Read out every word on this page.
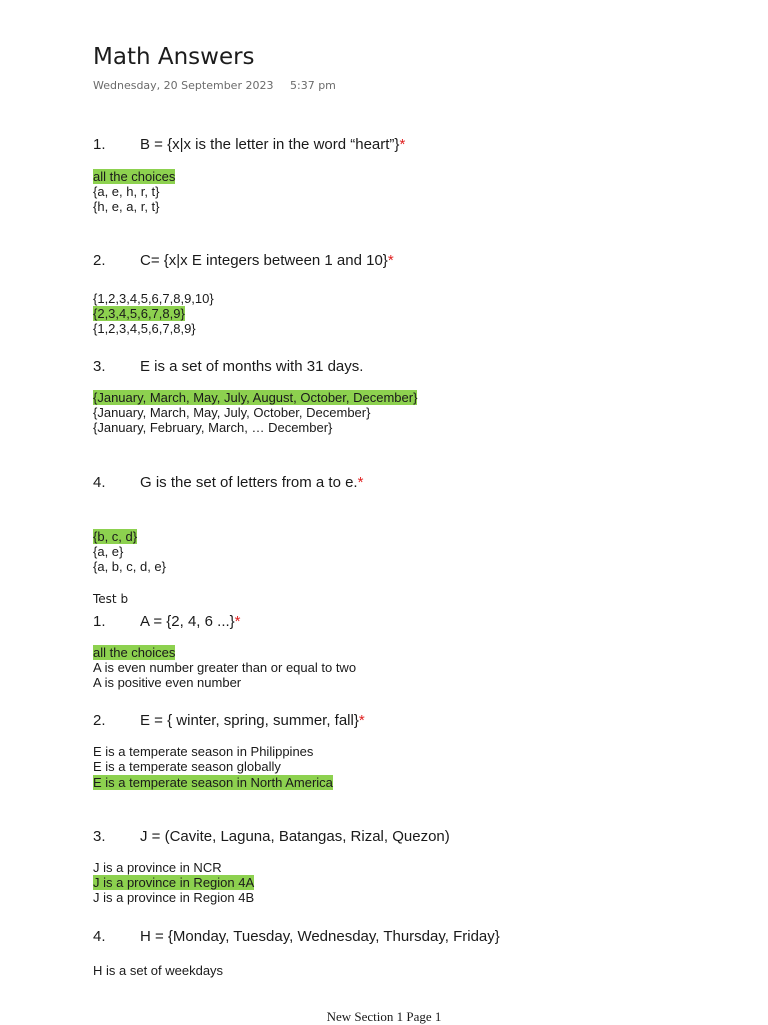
Math Answers
Wednesday, 20 September 2023 5:37 pm
1. B = {x|x is the letter in the word “heart”}*
all the choices
{a, e, h, r, t}
{h, e, a, r, t}
2. C= {x|x E integers between 1 and 10}*
{1,2,3,4,5,6,7,8,9,10}
{2,3,4,5,6,7,8,9}
{1,2,3,4,5,6,7,8,9}
3. E is a set of months with 31 days.
{January, March, May, July, August, October, December}
{January, March, May, July, October, December}
{January, February, March, … December}
4. G is the set of letters from a to e.*
{b, c, d}
{a, e}
{a, b, c, d, e}
Test b
1. A = {2, 4, 6 ...}*
all the choices
A is even number greater than or equal to two
A is positive even number
2. E = { winter, spring, summer, fall}*
E is a temperate season in Philippines
E is a temperate season globally
E is a temperate season in North America
3. J = (Cavite, Laguna, Batangas, Rizal, Quezon)
J is a province in NCR
J is a province in Region 4A
J is a province in Region 4B
4. H = {Monday, Tuesday, Wednesday, Thursday, Friday}
H is a set of weekdays
New Section 1 Page 1
